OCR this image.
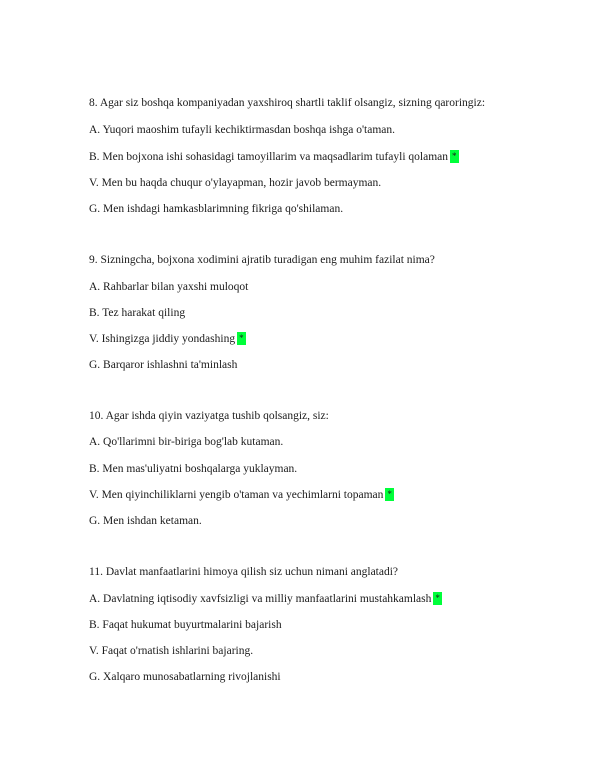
8. Agar siz boshqa kompaniyadan yaxshiroq shartli taklif olsangiz, sizning qaroringiz:
A. Yuqori maoshim tufayli kechiktirmasdan boshqa ishga o'taman.
B. Men bojxona ishi sohasidagi tamoyillarim va maqsadlarim tufayli qolaman *
V. Men bu haqda chuqur o'ylayapman, hozir javob bermayman.
G. Men ishdagi hamkasblarimning fikriga qo'shilaman.
9. Sizningcha, bojxona xodimini ajratib turadigan eng muhim fazilat nima?
A. Rahbarlar bilan yaxshi muloqot
B. Tez harakat qiling
V. Ishingizga jiddiy yondashing *
G. Barqaror ishlashni ta'minlash
10. Agar ishda qiyin vaziyatga tushib qolsangiz, siz:
A. Qo'llarimni bir-biriga bog'lab kutaman.
B. Men mas'uliyatni boshqalarga yuklayman.
V. Men qiyinchiliklarni yengib o'taman va yechimlarni topaman *
G. Men ishdan ketaman.
11. Davlat manfaatlarini himoya qilish siz uchun nimani anglatadi?
A. Davlatning iqtisodiy xavfsizligi va milliy manfaatlarini mustahkamlash *
B. Faqat hukumat buyurtmalarini bajarish
V. Faqat o'rnatish ishlarini bajaring.
G. Xalqaro munosabatlarning rivojlanishi
